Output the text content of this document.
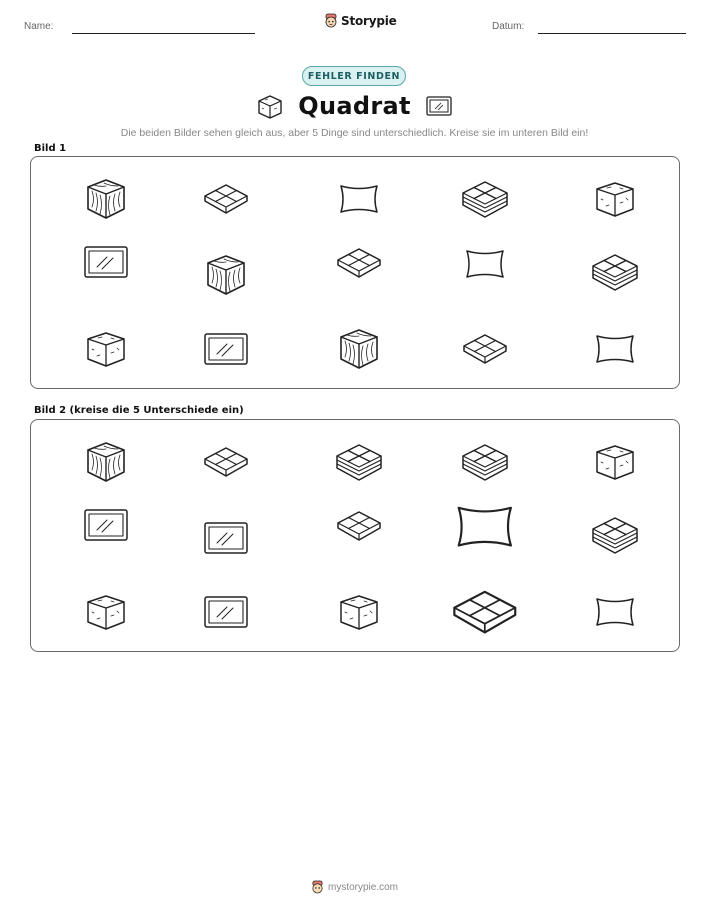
Name:	Storypie	Datum:
FEHLER FINDEN
Quadrat
Die beiden Bilder sehen gleich aus, aber 5 Dinge sind unterschiedlich. Kreise sie im unteren Bild ein!
Bild 1
Bild 2 (kreise die 5 Unterschiede ein)
mystorypie.com
